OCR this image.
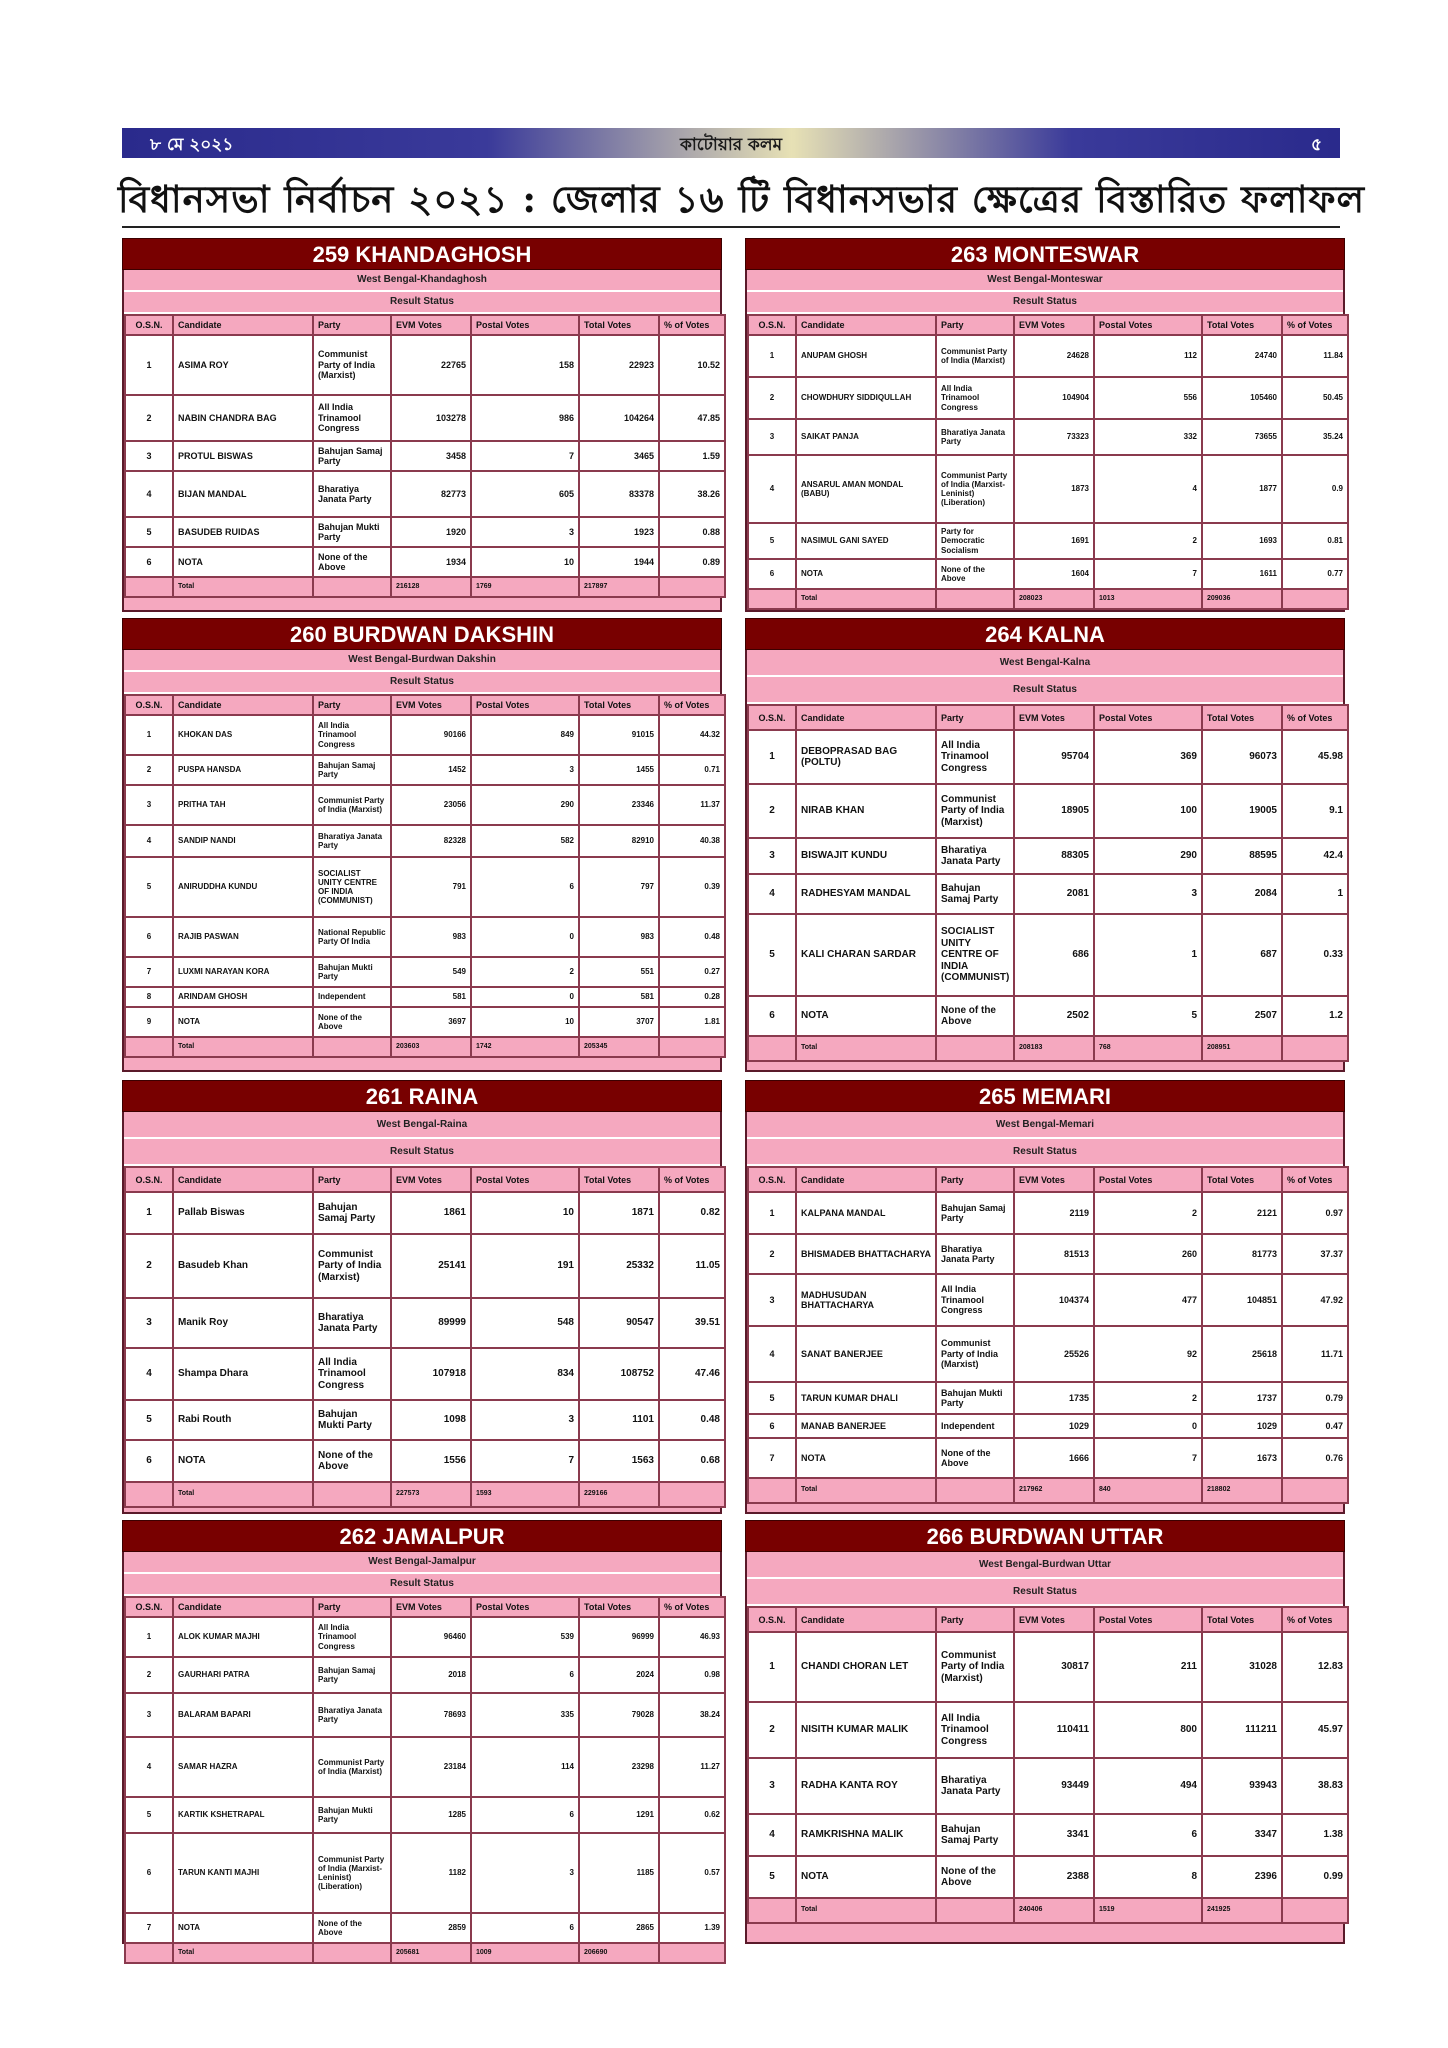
৮ মে ২০২১	কাটোয়ার কলম	৫
বিধানসভা নির্বাচন ২০২১ : জেলার ১৬ টি বিধানসভার ক্ষেত্রের বিস্তারিত ফলাফল
259 KHANDAGHOSH
West Bengal-Khandaghosh
Result Status
O.S.N.	Candidate	Party	EVM Votes	Postal Votes	Total Votes	% of Votes
1	ASIMA ROY	Communist Party of India (Marxist)	22765	158	22923	10.52
2	NABIN CHANDRA BAG	All India Trinamool Congress	103278	986	104264	47.85
3	PROTUL BISWAS	Bahujan Samaj Party	3458	7	3465	1.59
4	BIJAN MANDAL	Bharatiya Janata Party	82773	605	83378	38.26
5	BASUDEB RUIDAS	Bahujan Mukti Party	1920	3	1923	0.88
6	NOTA	None of the Above	1934	10	1944	0.89
	Total		216128	1769	217897	
263 MONTESWAR
West Bengal-Monteswar
Result Status
O.S.N.	Candidate	Party	EVM Votes	Postal Votes	Total Votes	% of Votes
1	ANUPAM GHOSH	Communist Party of India (Marxist)	24628	112	24740	11.84
2	CHOWDHURY SIDDIQULLAH	All India Trinamool Congress	104904	556	105460	50.45
3	SAIKAT PANJA	Bharatiya Janata Party	73323	332	73655	35.24
4	ANSARUL AMAN MONDAL (BABU)	Communist Party of India (Marxist-Leninist) (Liberation)	1873	4	1877	0.9
5	NASIMUL GANI SAYED	Party for Democratic Socialism	1691	2	1693	0.81
6	NOTA	None of the Above	1604	7	1611	0.77
	Total		208023	1013	209036	
260 BURDWAN DAKSHIN
West Bengal-Burdwan Dakshin
Result Status
O.S.N.	Candidate	Party	EVM Votes	Postal Votes	Total Votes	% of Votes
1	KHOKAN DAS	All India Trinamool Congress	90166	849	91015	44.32
2	PUSPA HANSDA	Bahujan Samaj Party	1452	3	1455	0.71
3	PRITHA TAH	Communist Party of India (Marxist)	23056	290	23346	11.37
4	SANDIP NANDI	Bharatiya Janata Party	82328	582	82910	40.38
5	ANIRUDDHA KUNDU	SOCIALIST UNITY CENTRE OF INDIA (COMMUNIST)	791	6	797	0.39
6	RAJIB PASWAN	National Republic Party Of India	983	0	983	0.48
7	LUXMI NARAYAN KORA	Bahujan Mukti Party	549	2	551	0.27
8	ARINDAM GHOSH	Independent	581	0	581	0.28
9	NOTA	None of the Above	3697	10	3707	1.81
	Total		203603	1742	205345	
264 KALNA
West Bengal-Kalna
Result Status
O.S.N.	Candidate	Party	EVM Votes	Postal Votes	Total Votes	% of Votes
1	DEBOPRASAD BAG (POLTU)	All India Trinamool Congress	95704	369	96073	45.98
2	NIRAB KHAN	Communist Party of India (Marxist)	18905	100	19005	9.1
3	BISWAJIT KUNDU	Bharatiya Janata Party	88305	290	88595	42.4
4	RADHESYAM MANDAL	Bahujan Samaj Party	2081	3	2084	1
5	KALI CHARAN SARDAR	SOCIALIST UNITY CENTRE OF INDIA (COMMUNIST)	686	1	687	0.33
6	NOTA	None of the Above	2502	5	2507	1.2
	Total		208183	768	208951	
261 RAINA
West Bengal-Raina
Result Status
O.S.N.	Candidate	Party	EVM Votes	Postal Votes	Total Votes	% of Votes
1	Pallab Biswas	Bahujan Samaj Party	1861	10	1871	0.82
2	Basudeb Khan	Communist Party of India (Marxist)	25141	191	25332	11.05
3	Manik Roy	Bharatiya Janata Party	89999	548	90547	39.51
4	Shampa Dhara	All India Trinamool Congress	107918	834	108752	47.46
5	Rabi Routh	Bahujan Mukti Party	1098	3	1101	0.48
6	NOTA	None of the Above	1556	7	1563	0.68
	Total		227573	1593	229166	
265 MEMARI
West Bengal-Memari
Result Status
O.S.N.	Candidate	Party	EVM Votes	Postal Votes	Total Votes	% of Votes
1	KALPANA MANDAL	Bahujan Samaj Party	2119	2	2121	0.97
2	BHISMADEB BHATTACHARYA	Bharatiya Janata Party	81513	260	81773	37.37
3	MADHUSUDAN BHATTACHARYA	All India Trinamool Congress	104374	477	104851	47.92
4	SANAT BANERJEE	Communist Party of India (Marxist)	25526	92	25618	11.71
5	TARUN KUMAR DHALI	Bahujan Mukti Party	1735	2	1737	0.79
6	MANAB BANERJEE	Independent	1029	0	1029	0.47
7	NOTA	None of the Above	1666	7	1673	0.76
	Total		217962	840	218802	
262 JAMALPUR
West Bengal-Jamalpur
Result Status
O.S.N.	Candidate	Party	EVM Votes	Postal Votes	Total Votes	% of Votes
1	ALOK KUMAR MAJHI	All India Trinamool Congress	96460	539	96999	46.93
2	GAURHARI PATRA	Bahujan Samaj Party	2018	6	2024	0.98
3	BALARAM BAPARI	Bharatiya Janata Party	78693	335	79028	38.24
4	SAMAR HAZRA	Communist Party of India (Marxist)	23184	114	23298	11.27
5	KARTIK KSHETRAPAL	Bahujan Mukti Party	1285	6	1291	0.62
6	TARUN KANTI MAJHI	Communist Party of India (Marxist-Leninist) (Liberation)	1182	3	1185	0.57
7	NOTA	None of the Above	2859	6	2865	1.39
	Total		205681	1009	206690	
266 BURDWAN UTTAR
West Bengal-Burdwan Uttar
Result Status
O.S.N.	Candidate	Party	EVM Votes	Postal Votes	Total Votes	% of Votes
1	CHANDI CHORAN LET	Communist Party of India (Marxist)	30817	211	31028	12.83
2	NISITH KUMAR MALIK	All India Trinamool Congress	110411	800	111211	45.97
3	RADHA KANTA ROY	Bharatiya Janata Party	93449	494	93943	38.83
4	RAMKRISHNA MALIK	Bahujan Samaj Party	3341	6	3347	1.38
5	NOTA	None of the Above	2388	8	2396	0.99
	Total		240406	1519	241925	
